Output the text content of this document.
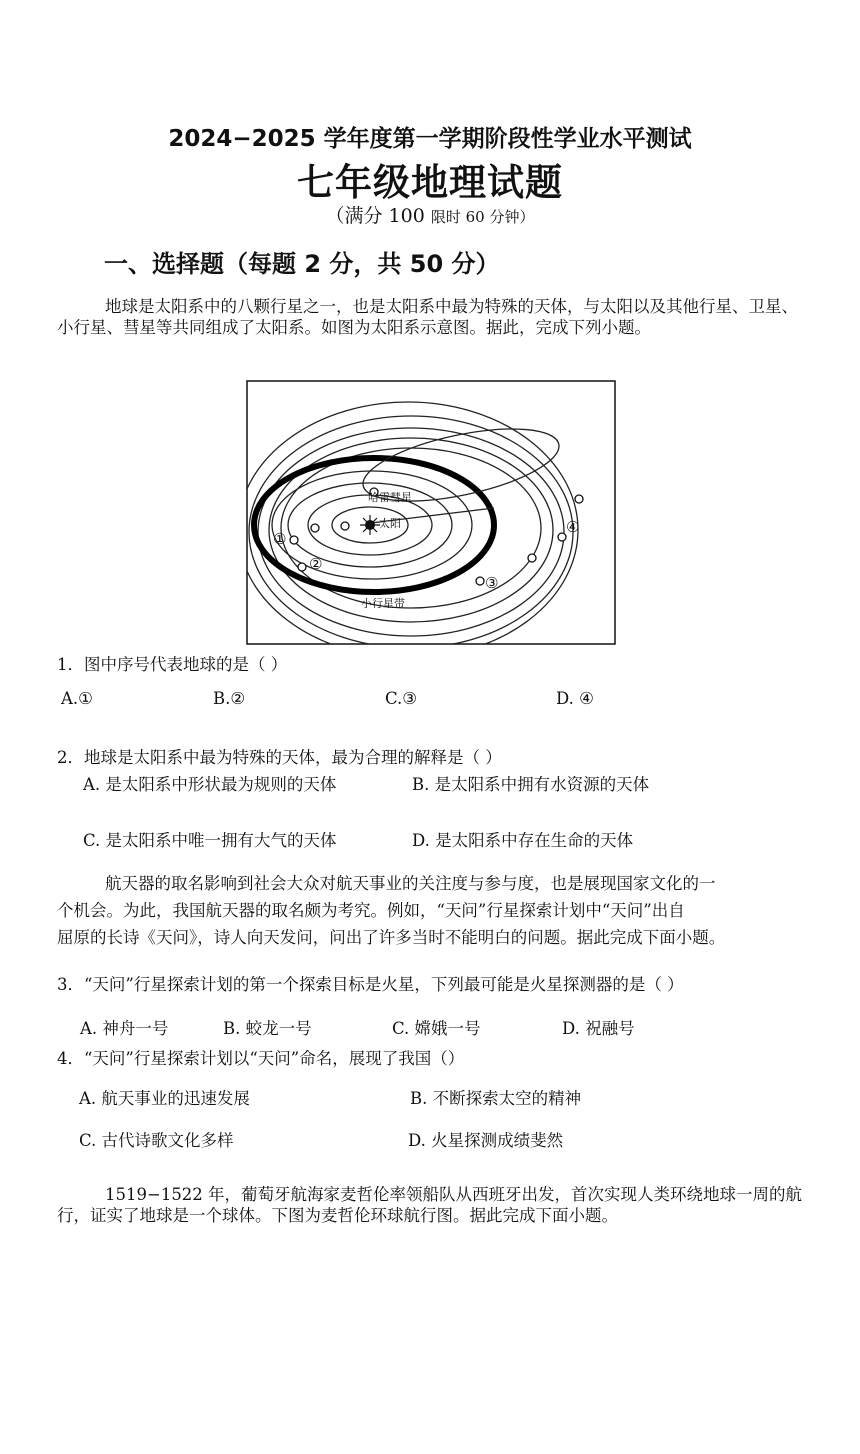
2024−2025 学年度第一学期阶段性学业水平测试
七年级地理试题
（满分 100 限时 60 分钟）
一、选择题（每题 2 分，共 50 分）
地球是太阳系中的八颗行星之一，也是太阳系中最为特殊的天体，与太阳以及其他行星、卫星、小行星、彗星等共同组成了太阳系。如图为太阳系示意图。据此，完成下列小题。
哈雷彗星
太阳
小行星带
①
②
③
④
1．图中序号代表地球的是（ ）
A.①	B.②	C.③	D. ④
2．地球是太阳系中最为特殊的天体，最为合理的解释是（ ）
A. 是太阳系中形状最为规则的天体	B. 是太阳系中拥有水资源的天体
C. 是太阳系中唯一拥有大气的天体	D. 是太阳系中存在生命的天体
航天器的取名影响到社会大众对航天事业的关注度与参与度，也是展现国家文化的一
个机会。为此，我国航天器的取名颇为考究。例如，“天问”行星探索计划中“天问”出自
屈原的长诗《天问》，诗人向天发问，问出了许多当时不能明白的问题。据此完成下面小题。
3．“天问”行星探索计划的第一个探索目标是火星，下列最可能是火星探测器的是（ ）
A. 神舟一号	B. 蛟龙一号	C. 嫦娥一号	D. 祝融号
4．“天问”行星探索计划以“天问”命名，展现了我国（）
A. 航天事业的迅速发展	B. 不断探索太空的精神
C. 古代诗歌文化多样	D. 火星探测成绩斐然
1519−1522 年，葡萄牙航海家麦哲伦率领船队从西班牙出发，首次实现人类环绕地球一周的航行，证实了地球是一个球体。下图为麦哲伦环球航行图。据此完成下面小题。
